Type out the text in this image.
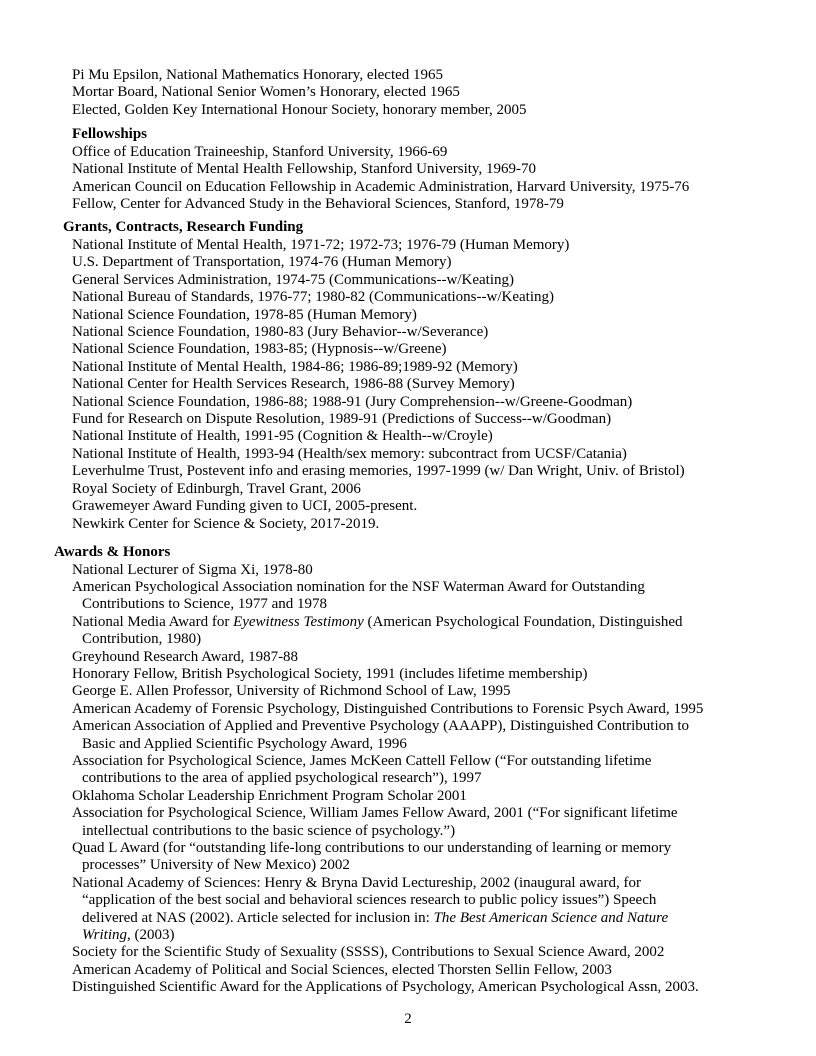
Pi Mu Epsilon, National Mathematics Honorary, elected 1965
Mortar Board, National Senior Women’s Honorary, elected 1965
Elected, Golden Key International Honour Society, honorary member, 2005
Fellowships
Office of Education Traineeship, Stanford University, 1966-69
National Institute of Mental Health Fellowship, Stanford University, 1969-70
American Council on Education Fellowship in Academic Administration, Harvard University, 1975-76
Fellow, Center for Advanced Study in the Behavioral Sciences, Stanford, 1978-79
Grants, Contracts, Research Funding
National Institute of Mental Health, 1971-72; 1972-73; 1976-79 (Human Memory)
U.S. Department of Transportation, 1974-76 (Human Memory)
General Services Administration, 1974-75 (Communications--w/Keating)
National Bureau of Standards, 1976-77; 1980-82 (Communications--w/Keating)
National Science Foundation, 1978-85 (Human Memory)
National Science Foundation, 1980-83 (Jury Behavior--w/Severance)
National Science Foundation, 1983-85; (Hypnosis--w/Greene)
National Institute of Mental Health, 1984-86; 1986-89;1989-92 (Memory)
National Center for Health Services Research, 1986-88 (Survey Memory)
National Science Foundation, 1986-88; 1988-91 (Jury Comprehension--w/Greene-Goodman)
Fund for Research on Dispute Resolution, 1989-91 (Predictions of Success--w/Goodman)
National Institute of Health, 1991-95 (Cognition & Health--w/Croyle)
National Institute of Health, 1993-94 (Health/sex memory: subcontract from UCSF/Catania)
Leverhulme Trust, Postevent info and erasing memories, 1997-1999 (w/ Dan Wright, Univ. of Bristol)
Royal Society of Edinburgh, Travel Grant, 2006
Grawemeyer Award Funding given to UCI, 2005-present.
Newkirk Center for Science & Society, 2017-2019.
Awards & Honors
National Lecturer of Sigma Xi, 1978-80
American Psychological Association nomination for the NSF Waterman Award for Outstanding
Contributions to Science, 1977 and 1978
National Media Award for Eyewitness Testimony (American Psychological Foundation, Distinguished
Contribution, 1980)
Greyhound Research Award, 1987-88
Honorary Fellow, British Psychological Society, 1991 (includes lifetime membership)
George E. Allen Professor, University of Richmond School of Law, 1995
American Academy of Forensic Psychology, Distinguished Contributions to Forensic Psych Award, 1995
American Association of Applied and Preventive Psychology (AAAPP), Distinguished Contribution to
Basic and Applied Scientific Psychology Award, 1996
Association for Psychological Science, James McKeen Cattell Fellow (“For outstanding lifetime
contributions to the area of applied psychological research”), 1997
Oklahoma Scholar Leadership Enrichment Program Scholar 2001
Association for Psychological Science, William James Fellow Award, 2001 (“For significant lifetime
intellectual contributions to the basic science of psychology.”)
Quad L Award (for “outstanding life-long contributions to our understanding of learning or memory
processes” University of New Mexico) 2002
National Academy of Sciences: Henry & Bryna David Lectureship, 2002 (inaugural award, for
“application of the best social and behavioral sciences research to public policy issues”) Speech
delivered at NAS (2002). Article selected for inclusion in: The Best American Science and Nature
Writing, (2003)
Society for the Scientific Study of Sexuality (SSSS), Contributions to Sexual Science Award, 2002
American Academy of Political and Social Sciences, elected Thorsten Sellin Fellow, 2003
Distinguished Scientific Award for the Applications of Psychology, American Psychological Assn, 2003.
2
